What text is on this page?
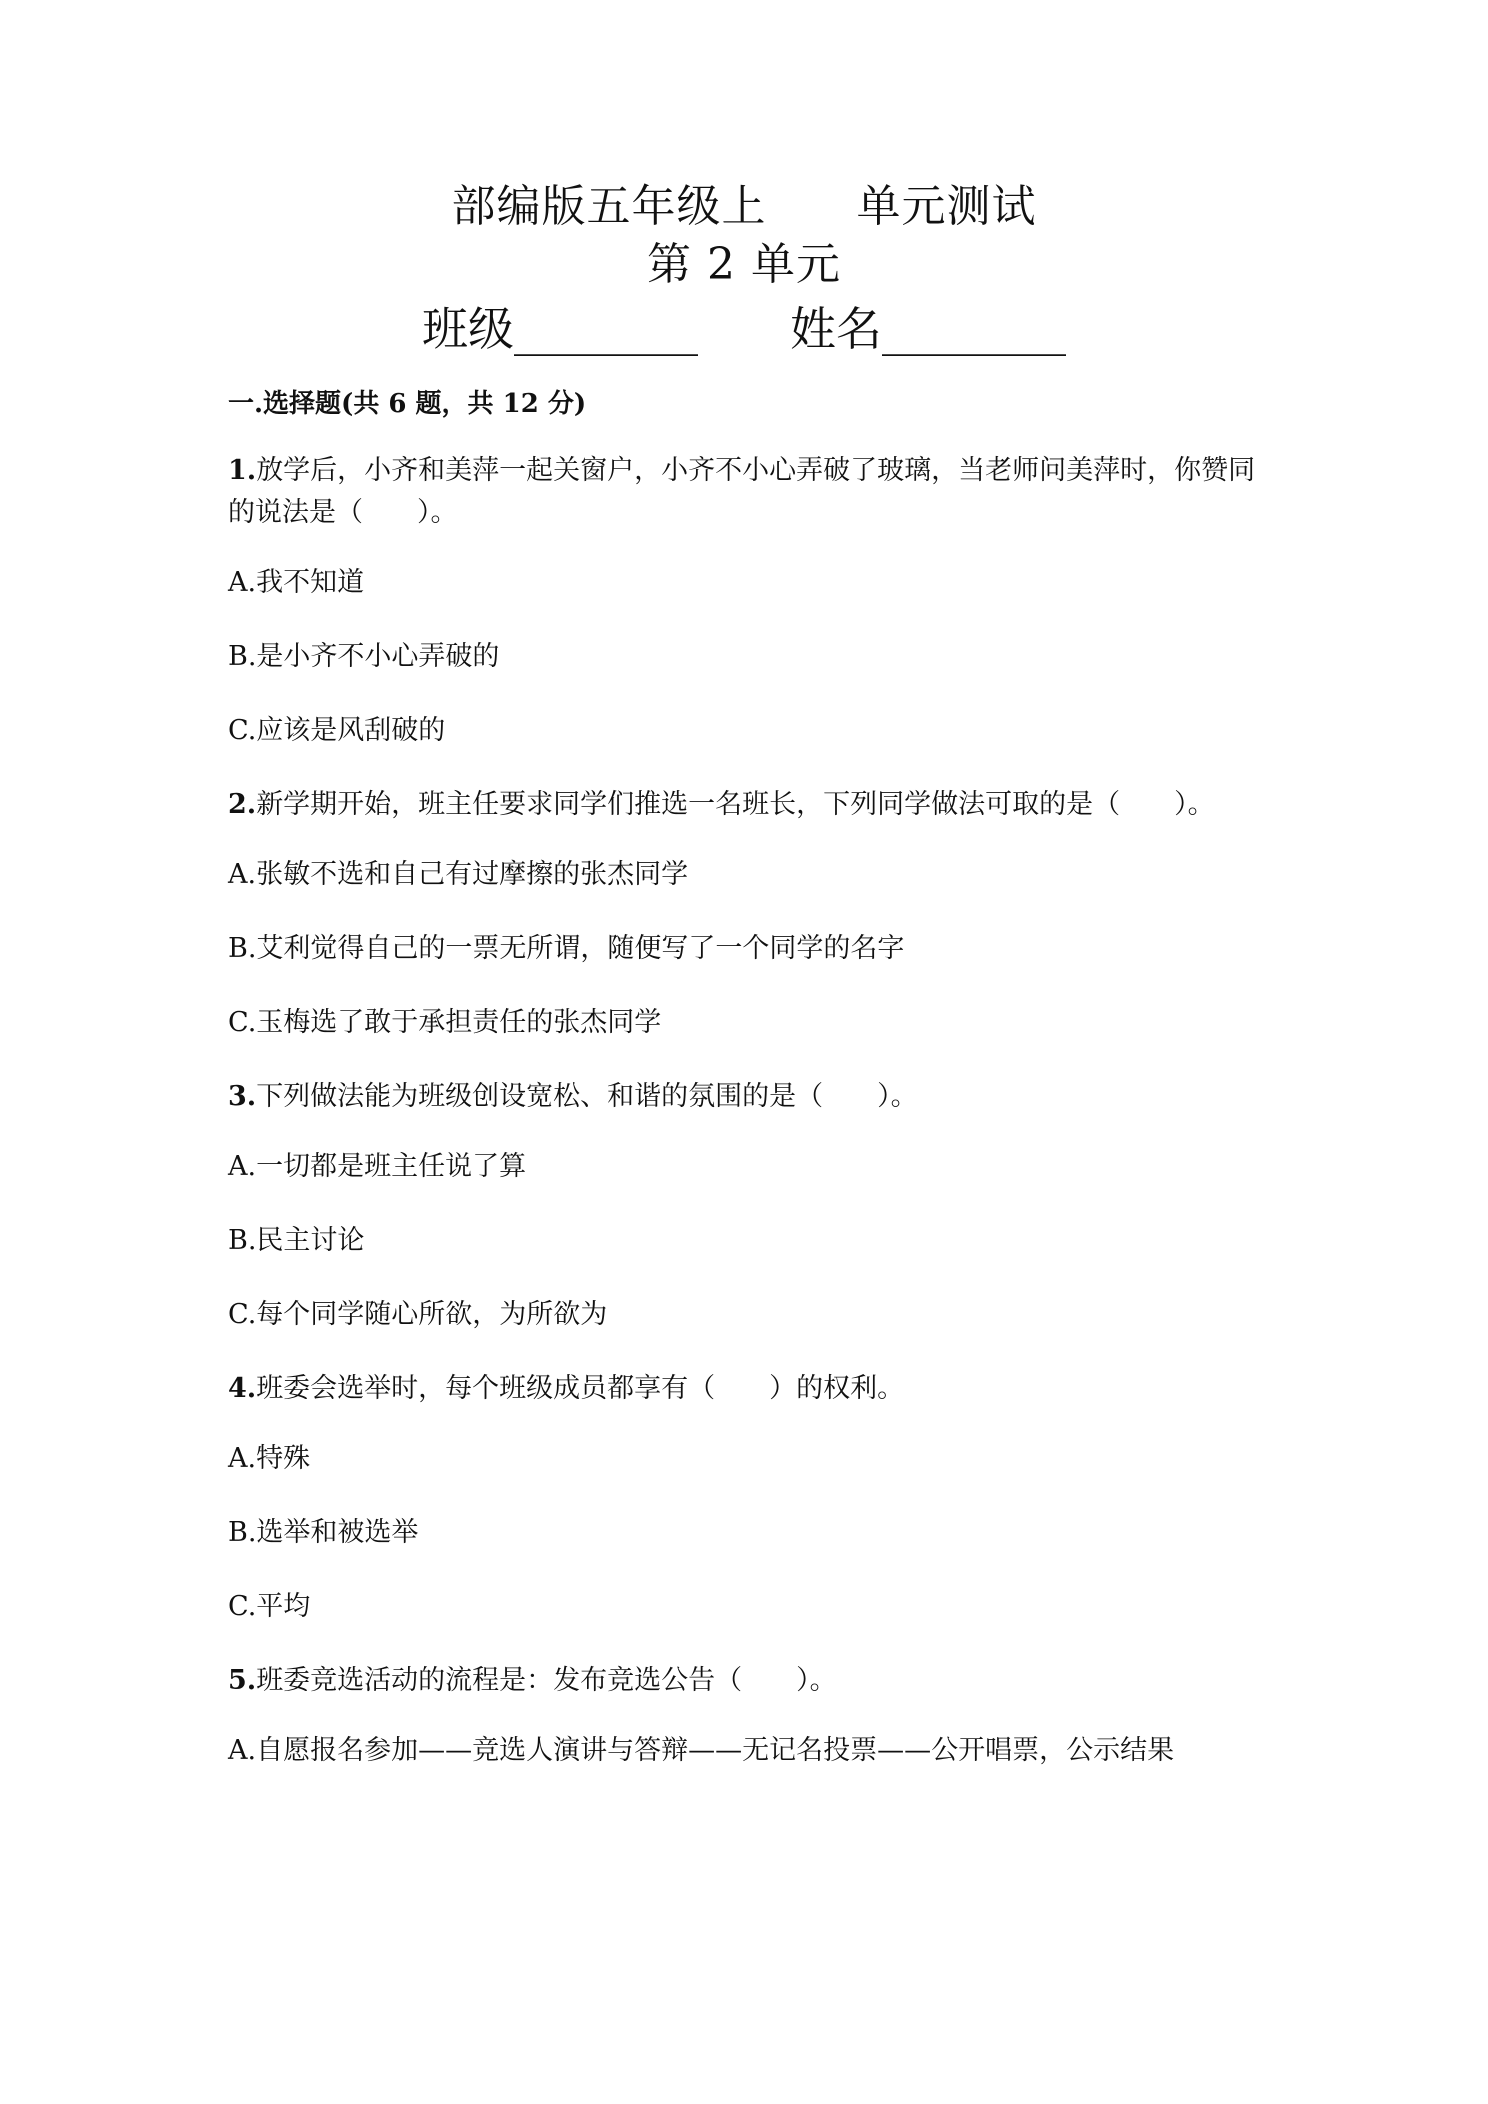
部编版五年级上　　单元测试
第 2 单元
班级________　　 姓名________
一.选择题(共 6 题，共 12 分)
1.放学后，小齐和美萍一起关窗户，小齐不小心弄破了玻璃，当老师问美萍时，你赞同的说法是（　　）。
A.我不知道
B.是小齐不小心弄破的
C.应该是风刮破的
2.新学期开始，班主任要求同学们推选一名班长，下列同学做法可取的是（　　）。
A.张敏不选和自己有过摩擦的张杰同学
B.艾利觉得自己的一票无所谓，随便写了一个同学的名字
C.玉梅选了敢于承担责任的张杰同学
3.下列做法能为班级创设宽松、和谐的氛围的是（　　）。
A.一切都是班主任说了算
B.民主讨论
C.每个同学随心所欲，为所欲为
4.班委会选举时，每个班级成员都享有（　　）的权利。
A.特殊
B.选举和被选举
C.平均
5.班委竞选活动的流程是：发布竞选公告（　　）。
A.自愿报名参加——竞选人演讲与答辩——无记名投票——公开唱票，公示结果
